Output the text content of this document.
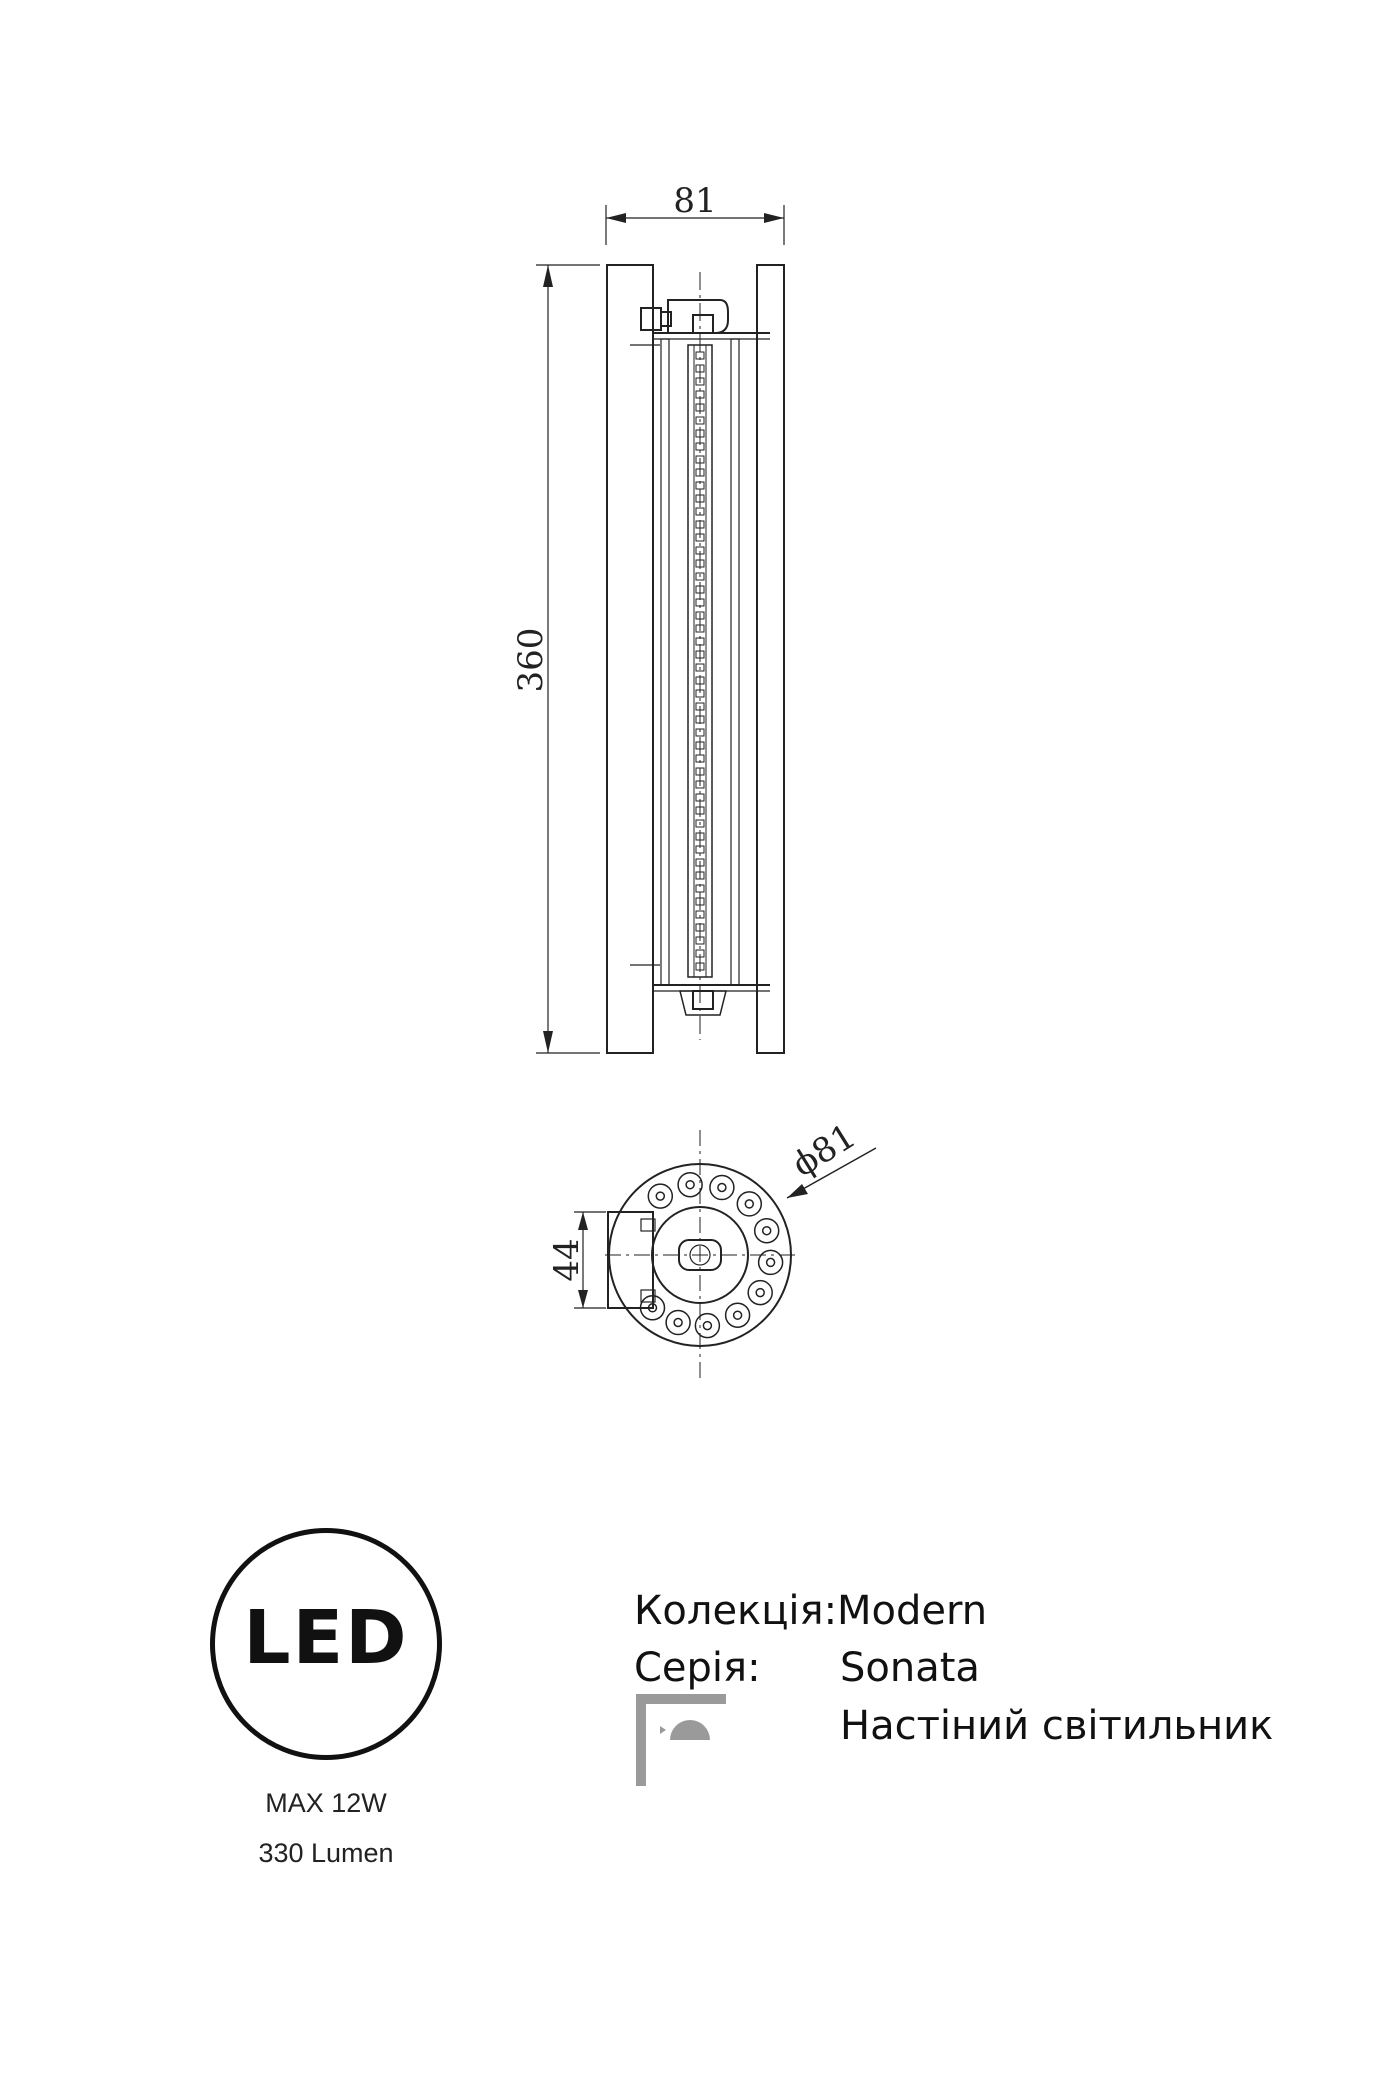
81
360
ϕ81
44
LED
MAX 12W
330 Lumen
Колекція: Modern
Серія: Sonata
Настіний світильник
